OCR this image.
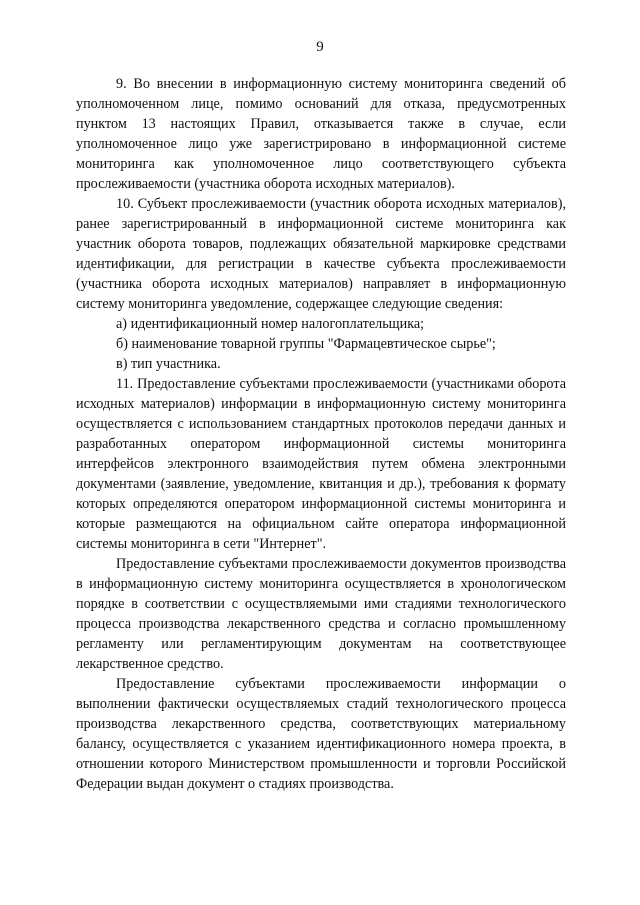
9

9. Во внесении в информационную систему мониторинга сведений об уполномоченном лице, помимо оснований для отказа, предусмотренных пунктом 13 настоящих Правил, отказывается также в случае, если уполномоченное лицо уже зарегистрировано в информационной системе мониторинга как уполномоченное лицо соответствующего субъекта прослеживаемости (участника оборота исходных материалов).

10. Субъект прослеживаемости (участник оборота исходных материалов), ранее зарегистрированный в информационной системе мониторинга как участник оборота товаров, подлежащих обязательной маркировке средствами идентификации, для регистрации в качестве субъекта прослеживаемости (участника оборота исходных материалов) направляет в информационную систему мониторинга уведомление, содержащее следующие сведения:

а) идентификационный номер налогоплательщика;

б) наименование товарной группы "Фармацевтическое сырье";

в) тип участника.

11. Предоставление субъектами прослеживаемости (участниками оборота исходных материалов) информации в информационную систему мониторинга осуществляется с использованием стандартных протоколов передачи данных и разработанных оператором информационной системы мониторинга интерфейсов электронного взаимодействия путем обмена электронными документами (заявление, уведомление, квитанция и др.), требования к формату которых определяются оператором информационной системы мониторинга и которые размещаются на официальном сайте оператора информационной системы мониторинга в сети "Интернет".

Предоставление субъектами прослеживаемости документов производства в информационную систему мониторинга осуществляется в хронологическом порядке в соответствии с осуществляемыми ими стадиями технологического процесса производства лекарственного средства и согласно промышленному регламенту или регламентирующим документам на соответствующее лекарственное средство.

Предоставление субъектами прослеживаемости информации о выполнении фактически осуществляемых стадий технологического процесса производства лекарственного средства, соответствующих материальному балансу, осуществляется с указанием идентификационного номера проекта, в отношении которого Министерством промышленности и торговли Российской Федерации выдан документ о стадиях производства.
